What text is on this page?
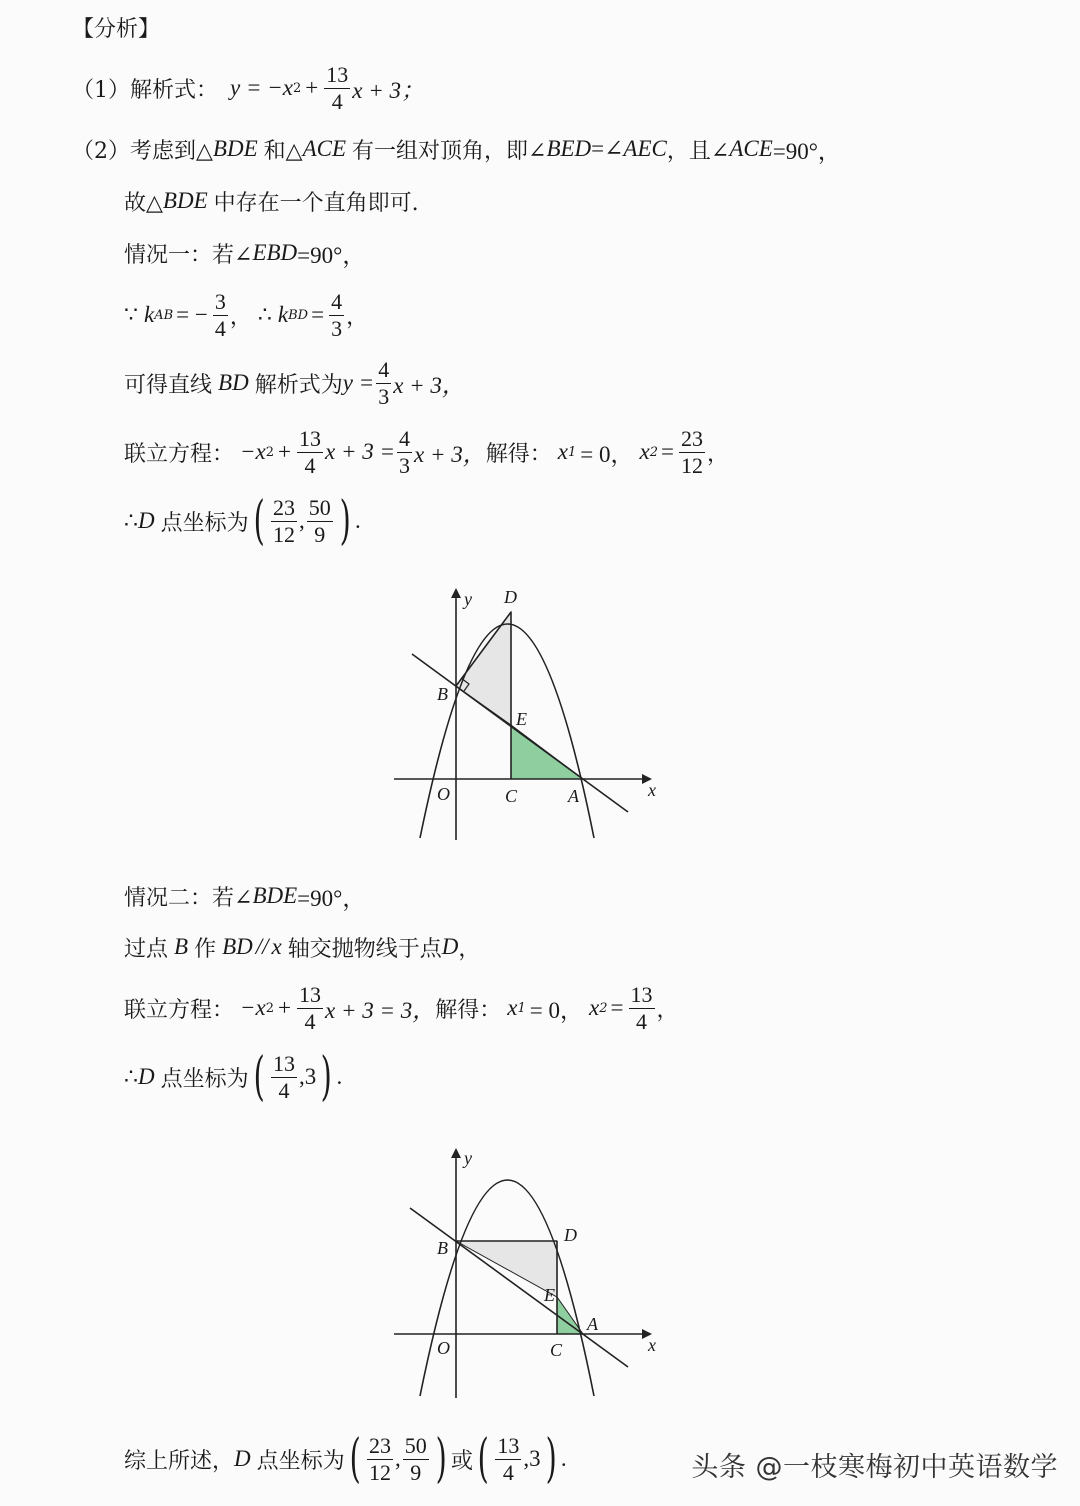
【分析】
（1） 解析式： y = −x $2 + \frac{13}{4}$ x + 3；
（2） 考虑到△ BDE 和△ ACE 有一组对顶角，即∠ BED =∠ AEC ，且∠ ACE =90°，
故△ BDE 中存在一个直角即可.
情况一：若∠ EBD =90°，
∵ k AB = − $\frac{3}{4}$ ， ∴ k BD = $\frac{4}{3}$ ，
可得直线 BD 解析式为 $y = \frac{4}{3}$ x + 3，
联立方程： −x $2 + \frac{13}{4}$ $x + 3 = \frac{4}{3}$ x + 3， 解得： x 1 = 0， x $2 = \frac{23}{12}$ ，
∴ D 点坐标为 ( $\frac{23}{12}$ , $\frac{50}{9}$ ) .
y
x
D
B
E
O	C	A
情况二：若∠ BDE =90°，
过点 B 作 BD // x 轴交抛物线于点 D ，
联立方程： −x $2 + \frac{13}{4}$ x + 3 = 3， 解得： x 1 = 0， x $2 = \frac{13}{4}$ ，
∴ D 点坐标为 ( $\frac{13}{4} ,3$ ) .
y
x
D
B
E
O	C
A
综上所述， D 点坐标为 ( $\frac{23}{12}$ , $\frac{50}{9}$ ) 或 ( $\frac{13}{4} ,3$ ) .	头条 @一枝寒梅初中英语数学
